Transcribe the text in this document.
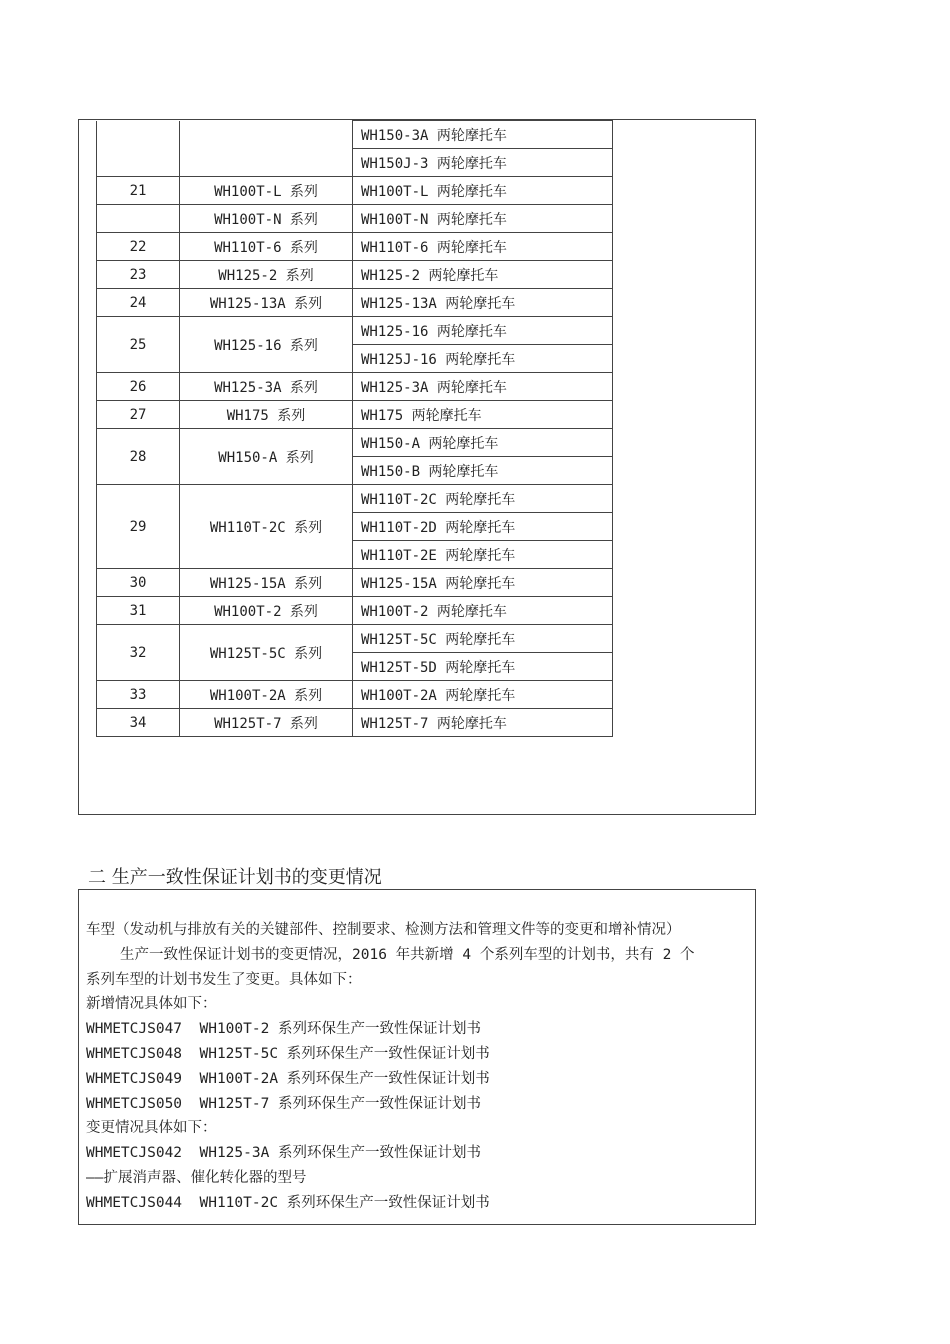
		WH150-3A 两轮摩托车
		WH150J-3 两轮摩托车
21	WH100T-L 系列	WH100T-L 两轮摩托车
	WH100T-N 系列	WH100T-N 两轮摩托车
22	WH110T-6 系列	WH110T-6 两轮摩托车
23	WH125-2 系列	WH125-2 两轮摩托车
24	WH125-13A 系列	WH125-13A 两轮摩托车
25	WH125-16 系列	WH125-16 两轮摩托车
		WH125J-16 两轮摩托车
26	WH125-3A 系列	WH125-3A 两轮摩托车
27	WH175 系列	WH175 两轮摩托车
28	WH150-A 系列	WH150-A 两轮摩托车
		WH150-B 两轮摩托车
29	WH110T-2C 系列	WH110T-2C 两轮摩托车
		WH110T-2D 两轮摩托车
		WH110T-2E 两轮摩托车
30	WH125-15A 系列	WH125-15A 两轮摩托车
31	WH100T-2 系列	WH100T-2 两轮摩托车
32	WH125T-5C 系列	WH125T-5C 两轮摩托车
		WH125T-5D 两轮摩托车
33	WH100T-2A 系列	WH100T-2A 两轮摩托车
34	WH125T-7 系列	WH125T-7 两轮摩托车
二 生产一致性保证计划书的变更情况
车型（发动机与排放有关的关键部件、控制要求、检测方法和管理文件等的变更和增补情况）
生产一致性保证计划书的变更情况，2016 年共新增 4 个系列车型的计划书，共有 2 个
系列车型的计划书发生了变更。具体如下：
新增情况具体如下：
WHMETCJS047  WH100T-2 系列环保生产一致性保证计划书
WHMETCJS048  WH125T-5C 系列环保生产一致性保证计划书
WHMETCJS049  WH100T-2A 系列环保生产一致性保证计划书
WHMETCJS050  WH125T-7 系列环保生产一致性保证计划书
变更情况具体如下：
WHMETCJS042  WH125-3A 系列环保生产一致性保证计划书
——扩展消声器、催化转化器的型号
WHMETCJS044  WH110T-2C 系列环保生产一致性保证计划书
